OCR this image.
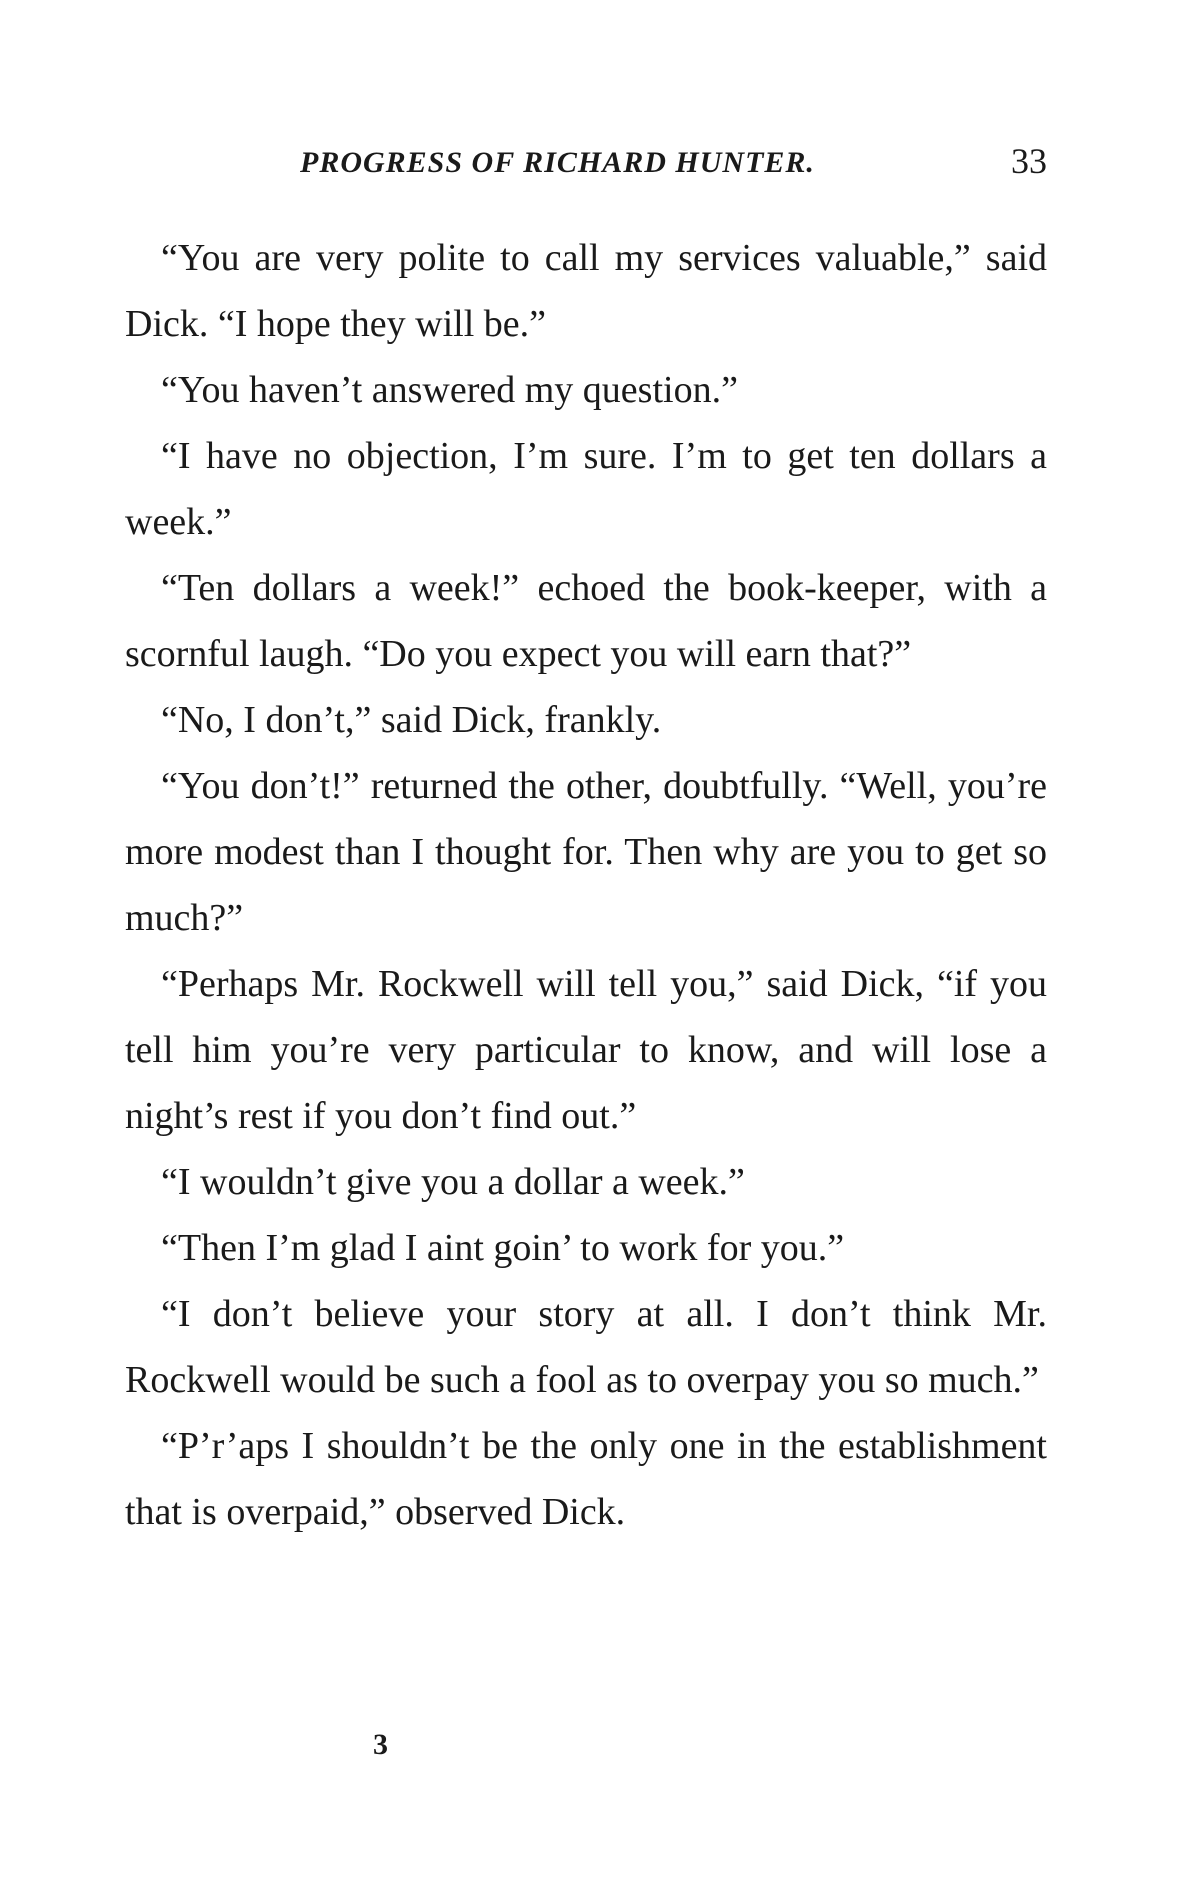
PROGRESS OF RICHARD HUNTER.	33

“You are very polite to call my services valuable,” said Dick. “I hope they will be.”

“You haven’t answered my question.”

“I have no objection, I’m sure. I’m to get ten dollars a week.”

“Ten dollars a week!” echoed the book-keeper, with a scornful laugh. “Do you expect you will earn that?”

“No, I don’t,” said Dick, frankly.

“You don’t!” returned the other, doubtfully. “Well, you’re more modest than I thought for. Then why are you to get so much?”

“Perhaps Mr. Rockwell will tell you,” said Dick, “if you tell him you’re very particular to know, and will lose a night’s rest if you don’t find out.”

“I wouldn’t give you a dollar a week.”

“Then I’m glad I aint goin’ to work for you.”

“I don’t believe your story at all. I don’t think Mr. Rockwell would be such a fool as to overpay you so much.”

“P’r’aps I shouldn’t be the only one in the establishment that is overpaid,” observed Dick.

3
